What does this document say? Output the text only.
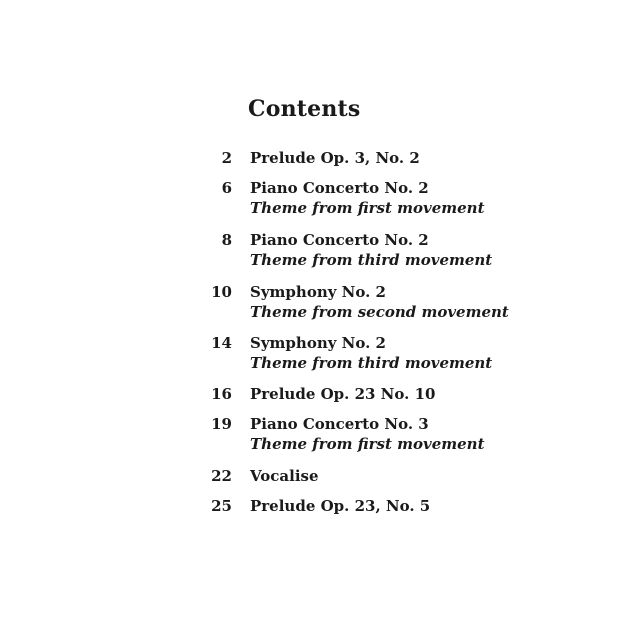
Contents
2 Prelude Op. 3, No. 2
6 Piano Concerto No. 2
Theme from first movement
8 Piano Concerto No. 2
Theme from third movement
10 Symphony No. 2
Theme from second movement
14 Symphony No. 2
Theme from third movement
16 Prelude Op. 23 No. 10
19 Piano Concerto No. 3
Theme from first movement
22 Vocalise
25 Prelude Op. 23, No. 5
